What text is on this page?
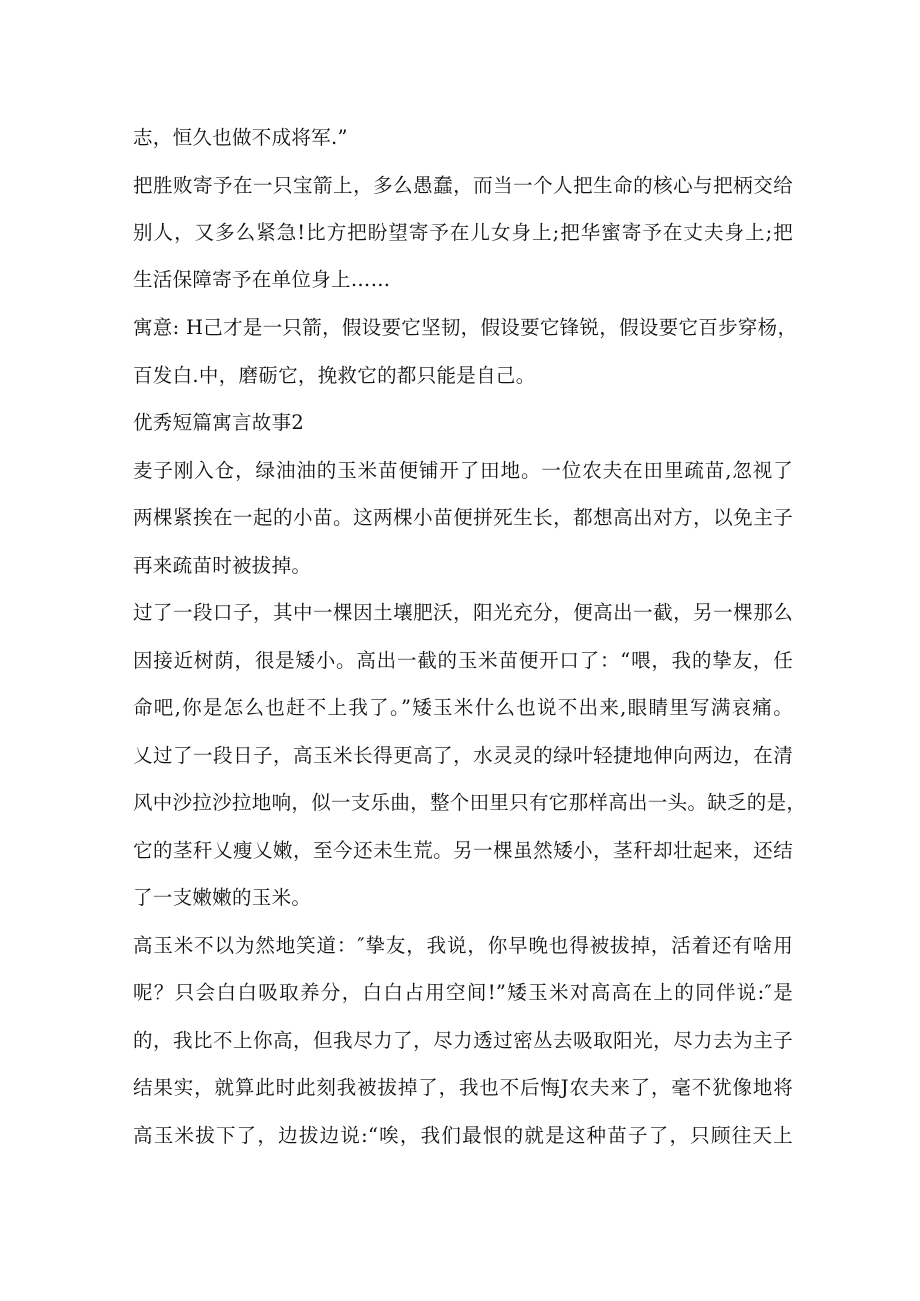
志，恒久也做不成将军.”
把胜败寄予在一只宝箭上，多么愚蠢，而当一个人把生命的核心与把柄交给
别人，又多么紧急!比方把盼望寄予在儿女身上;把华蜜寄予在丈夫身上;把
生活保障寄予在单位身上……
寓意: H己才是一只箭，假设要它坚韧，假设要它锋锐，假设要它百步穿杨，
百发白.中，磨砺它，挽救它的都只能是自己。
优秀短篇寓言故事2
麦子刚入仓，绿油油的玉米苗便铺开了田地。一位农夫在田里疏苗,忽视了
两棵紧挨在一起的小苗。这两棵小苗便拼死生长，都想高出对方，以免主子
再来疏苗时被拔掉。
过了一段口子，其中一棵因土壤肥沃，阳光充分，便高出一截，另一棵那么
因接近树荫，很是矮小。高出一截的玉米苗便开口了：“喂，我的挚友，任
命吧,你是怎么也赶不上我了。”矮玉米什么也说不出来,眼睛里写满哀痛。
乂过了一段日子，高玉米长得更高了，水灵灵的绿叶轻捷地伸向两边，在清
风中沙拉沙拉地响，似一支乐曲，整个田里只有它那样高出一头。缺乏的是，
它的茎秆乂瘦乂嫩，至今还未生荒。另一棵虽然矮小，茎秆却壮起来，还结
了一支嫩嫩的玉米。
高玉米不以为然地笑道：″挚友，我说，你早晚也得被拔掉，活着还有啥用
呢？只会白白吸取养分，白白占用空间!”矮玉米对高高在上的同伴说:″是
的，我比不上你高，但我尽力了，尽力透过密丛去吸取阳光，尽力去为主子
结果实，就算此时此刻我被拔掉了，我也不后悔J农夫来了，毫不犹像地将
高玉米拔下了，边拔边说:“唉，我们最恨的就是这种苗子了，只顾往天上
